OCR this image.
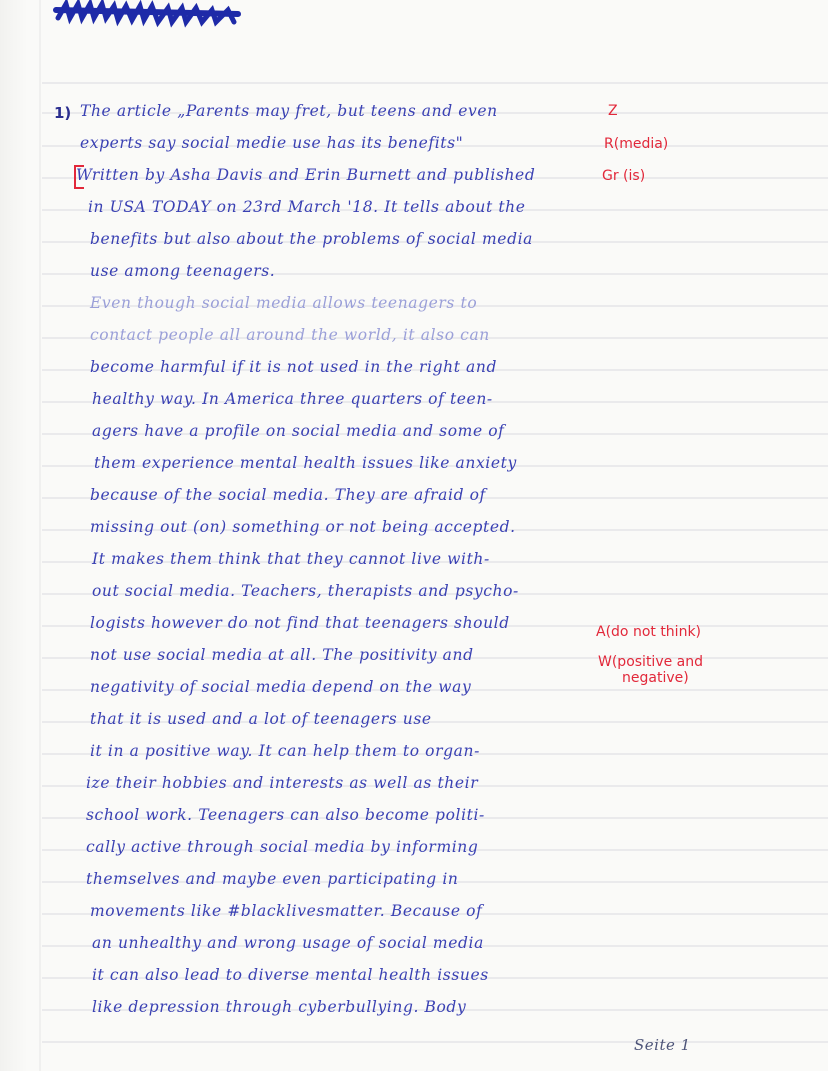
1) The article „Parents may fret, but teens and even
experts say social medie use has its benefits"
Written by Asha Davis and Erin Burnett and published
in USA TODAY on 23rd March '18. It tells about the
benefits but also about the problems of social media
use among teenagers.
Even though social media allows teenagers to
contact people all around the world, it also can
become harmful if it is not used in the right and
healthy way. In America three quarters of teen-
agers have a profile on social media and some of
them experience mental health issues like anxiety
because of the social media. They are afraid of
missing out (on) something or not being accepted.
It makes them think that they cannot live with-
out social media. Teachers, therapists and psycho-
logists however do not find that teenagers should
not use social media at all. The positivity and
negativity of social media depend on the way
that it is used and a lot of teenagers use
it in a positive way. It can help them to organ-
ize their hobbies and interests as well as their
school work. Teenagers can also become politi-
cally active through social media by informing
themselves and maybe even participating in
movements like #blacklivesmatter. Because of
an unhealthy and wrong usage of social media
it can also lead to diverse mental health issues
like depression through cyberbullying. Body
Z
R(media)
Gr (is)
A(do not think)
W(positive and
negative)
Seite 1
